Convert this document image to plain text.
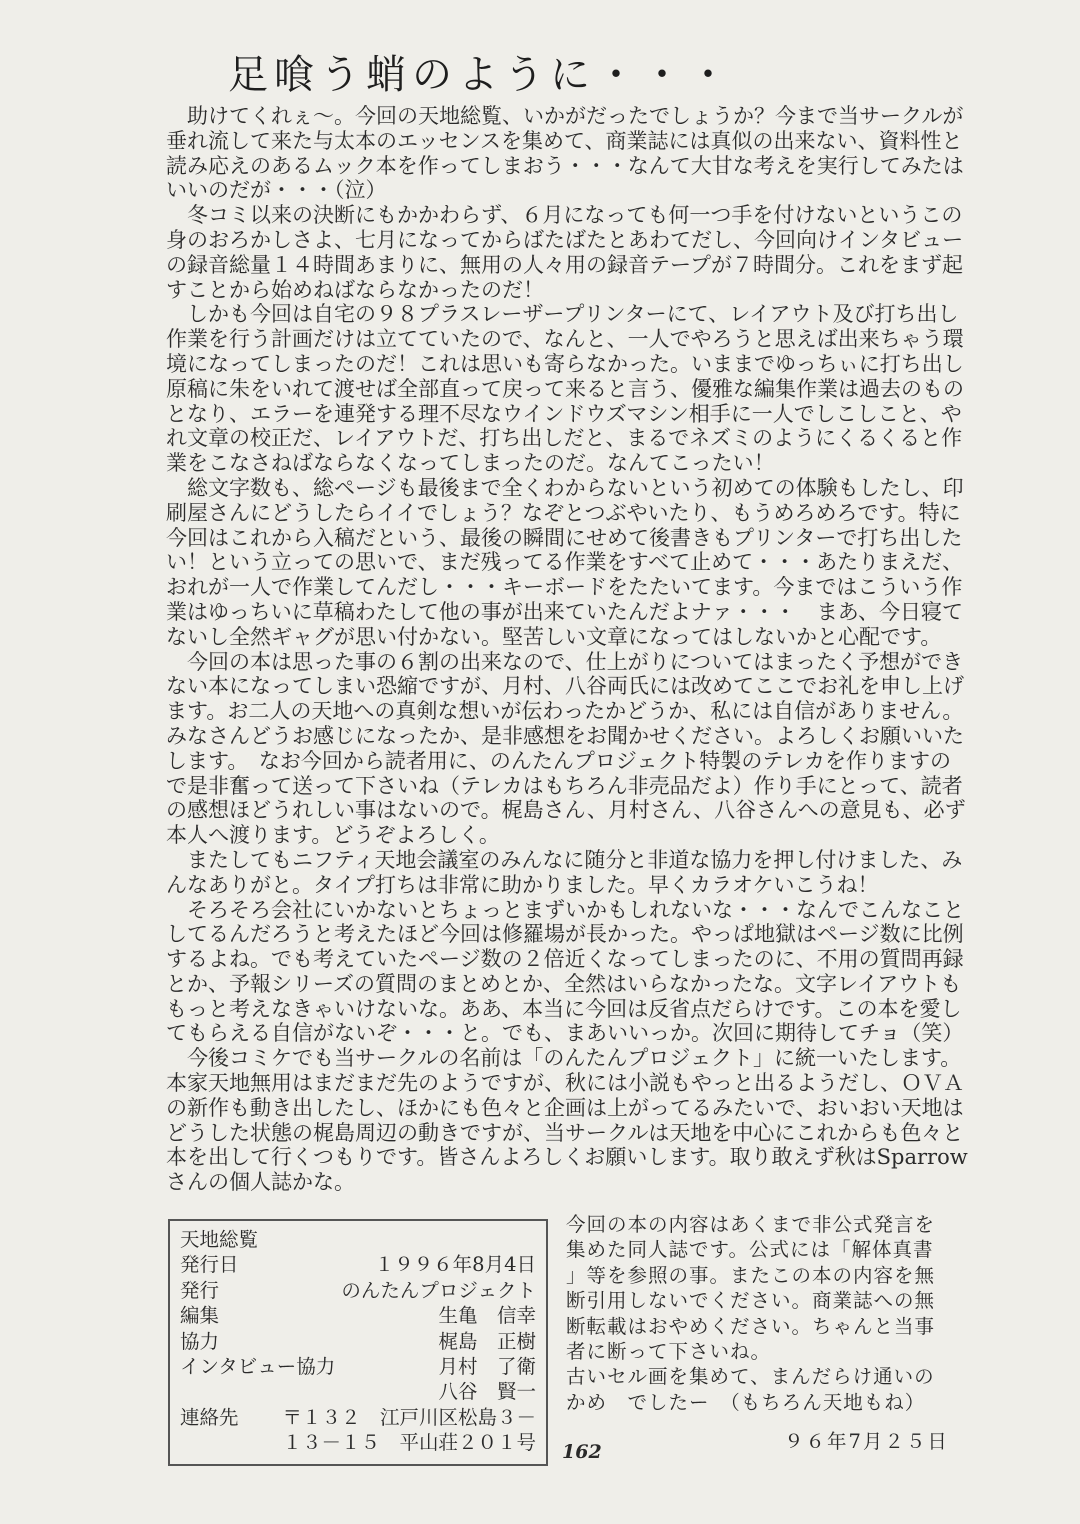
足喰う蛸のように・・・
　助けてくれぇ～。今回の天地総覧、いかがだったでしょうか？今まで当サークルが
垂れ流して来た与太本のエッセンスを集めて、商業誌には真似の出来ない、資料性と
読み応えのあるムック本を作ってしまおう・・・なんて大甘な考えを実行してみたは
いいのだが・・・（泣）
　冬コミ以来の決断にもかかわらず、６月になっても何一つ手を付けないというこの
身のおろかしさよ、七月になってからばたばたとあわてだし、今回向けインタビュー
の録音総量１４時間あまりに、無用の人々用の録音テープが７時間分。これをまず起
すことから始めねばならなかったのだ！
　しかも今回は自宅の９８プラスレーザープリンターにて、レイアウト及び打ち出し
作業を行う計画だけは立てていたので、なんと、一人でやろうと思えば出来ちゃう環
境になってしまったのだ！これは思いも寄らなかった。いままでゆっちぃに打ち出し
原稿に朱をいれて渡せば全部直って戻って来ると言う、優雅な編集作業は過去のもの
となり、エラーを連発する理不尽なウインドウズマシン相手に一人でしこしこと、や
れ文章の校正だ、レイアウトだ、打ち出しだと、まるでネズミのようにくるくると作
業をこなさねばならなくなってしまったのだ。なんてこったい！
　総文字数も、総ページも最後まで全くわからないという初めての体験もしたし、印
刷屋さんにどうしたらイイでしょう？なぞとつぶやいたり、もうめろめろです。特に
今回はこれから入稿だという、最後の瞬間にせめて後書きもプリンターで打ち出した
い！という立っての思いで、まだ残ってる作業をすべて止めて・・・あたりまえだ、
おれが一人で作業してんだし・・・キーボードをたたいてます。今まではこういう作
業はゆっちいに草稿わたして他の事が出来ていたんだよナァ・・・　まあ、今日寝て
ないし全然ギャグが思い付かない。堅苦しい文章になってはしないかと心配です。
　今回の本は思った事の６割の出来なので、仕上がりについてはまったく予想ができ
ない本になってしまい恐縮ですが、月村、八谷両氏には改めてここでお礼を申し上げ
ます。お二人の天地への真剣な想いが伝わったかどうか、私には自信がありません。
みなさんどうお感じになったか、是非感想をお聞かせください。よろしくお願いいた
します。　なお今回から読者用に、のんたんプロジェクト特製のテレカを作りますの
で是非奮って送って下さいね（テレカはもちろん非売品だよ）作り手にとって、読者
の感想ほどうれしい事はないので。梶島さん、月村さん、八谷さんへの意見も、必ず
本人へ渡ります。どうぞよろしく。
　またしてもニフティ天地会議室のみんなに随分と非道な協力を押し付けました、み
んなありがと。タイプ打ちは非常に助かりました。早くカラオケいこうね！
　そろそろ会社にいかないとちょっとまずいかもしれないな・・・なんでこんなこと
してるんだろうと考えたほど今回は修羅場が長かった。やっぱ地獄はページ数に比例
するよね。でも考えていたページ数の２倍近くなってしまったのに、不用の質問再録
とか、予報シリーズの質問のまとめとか、全然はいらなかったな。文字レイアウトも
もっと考えなきゃいけないな。ああ、本当に今回は反省点だらけです。この本を愛し
てもらえる自信がないぞ・・・と。でも、まあいいっか。次回に期待してチョ（笑）
　今後コミケでも当サークルの名前は「のんたんプロジェクト」に統一いたします。
本家天地無用はまだまだ先のようですが、秋には小説もやっと出るようだし、ＯＶＡ
の新作も動き出したし、ほかにも色々と企画は上がってるみたいで、おいおい天地は
どうした状態の梶島周辺の動きですが、当サークルは天地を中心にこれからも色々と
本を出して行くつもりです。皆さんよろしくお願いします。取り敢えず秋はSparrow
さんの個人誌かな。
天地総覧
発行日	１９９６年8月4日
発行	のんたんプロジェクト
編集	生亀　信幸
協力	梶島　正樹
インタビュー協力	月村　了衛
八谷　賢一
連絡先 〒１３２　江戸川区松島３－
１３－１５　平山荘２０１号
今回の本の内容はあくまで非公式発言を
集めた同人誌です。公式には「解体真書
」等を参照の事。またこの本の内容を無
断引用しないでください。商業誌への無
断転載はおやめください。ちゃんと当事
者に断って下さいね。
古いセル画を集めて、まんだらけ通いの
かめ　でしたー　（もちろん天地もね）
162	９６年7月２５日
